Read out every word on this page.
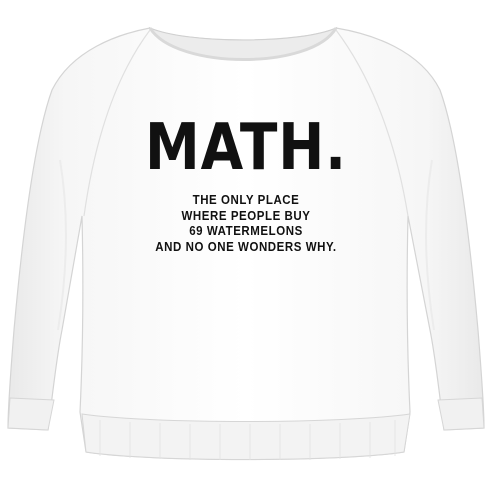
MATH.
THE ONLY PLACE
WHERE PEOPLE BUY
69 WATERMELONS
AND NO ONE WONDERS WHY.
